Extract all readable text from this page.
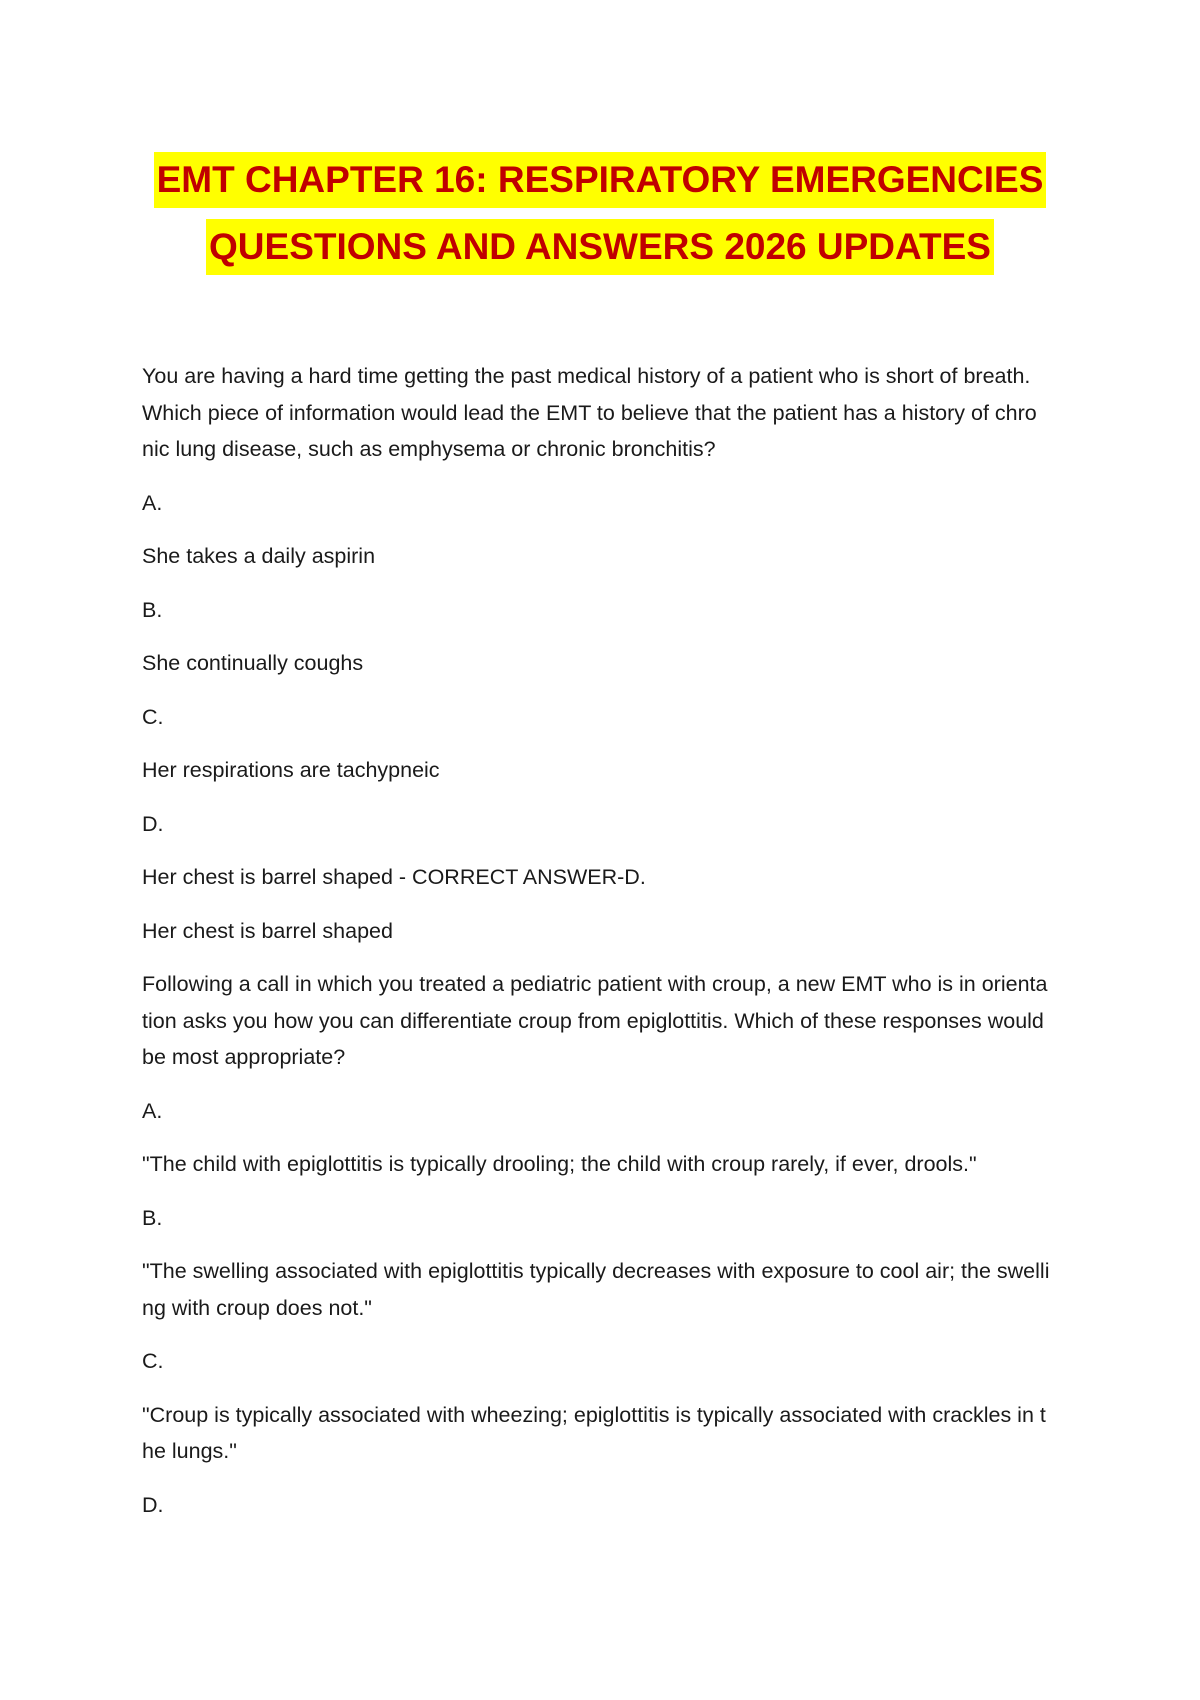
EMT CHAPTER 16: RESPIRATORY EMERGENCIES
QUESTIONS AND ANSWERS 2026 UPDATES

You are having a hard time getting the past medical history of a patient who is short of breath.
Which piece of information would lead the EMT to believe that the patient has a history of chro
nic lung disease, such as emphysema or chronic bronchitis?

A.

She takes a daily aspirin

B.

She continually coughs

C.

Her respirations are tachypneic

D.

Her chest is barrel shaped - CORRECT ANSWER-D.

Her chest is barrel shaped

Following a call in which you treated a pediatric patient with croup, a new EMT who is in orienta
tion asks you how you can differentiate croup from epiglottitis. Which of these responses would
be most appropriate?

A.

"The child with epiglottitis is typically drooling; the child with croup rarely, if ever, drools."

B.

"The swelling associated with epiglottitis typically decreases with exposure to cool air; the swelli
ng with croup does not."

C.

"Croup is typically associated with wheezing; epiglottitis is typically associated with crackles in t
he lungs."

D.
